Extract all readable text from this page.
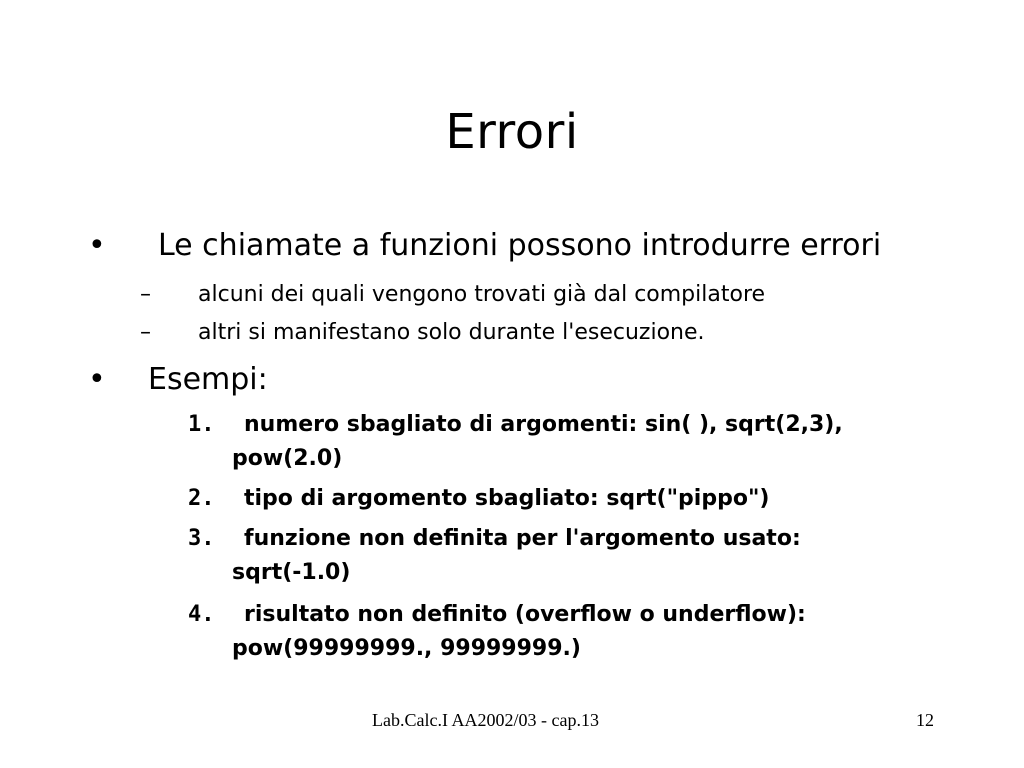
Errori
• Le chiamate a funzioni possono introdurre errori
– alcuni dei quali vengono trovati già dal compilatore
– altri si manifestano solo durante l'esecuzione.
• Esempi:
1. numero sbagliato di argomenti: sin( ), sqrt(2,3),
pow(2.0)
2. tipo di argomento sbagliato: sqrt("pippo")
3. funzione non definita per l'argomento usato:
sqrt(-1.0)
4. risultato non definito (overflow o underflow):
pow(99999999., 99999999.)
Lab.Calc.I AA2002/03 - cap.13	12
